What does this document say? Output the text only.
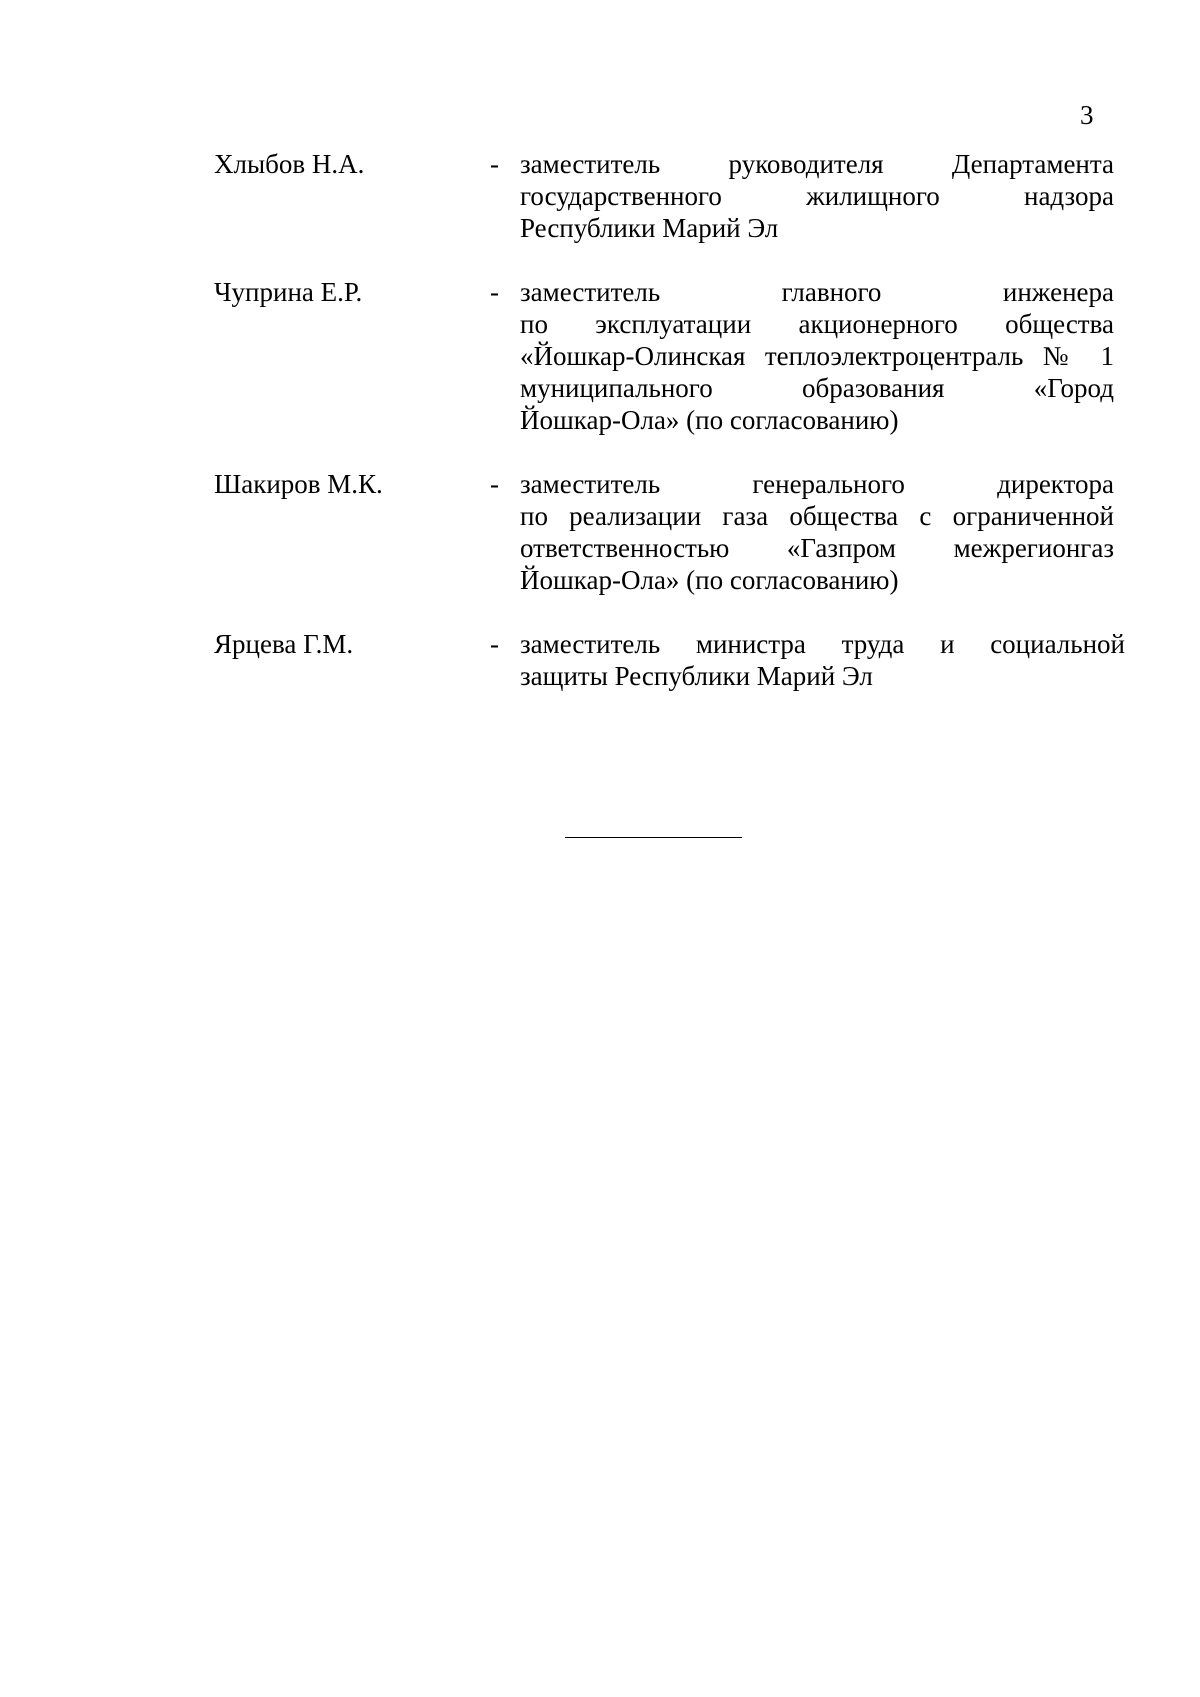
3
Хлыбов Н.А.	- заместитель руководителя Департамента
государственного жилищного надзора
Республики Марий Эл
Чуприна Е.Р.	- заместитель главного инженера
по эксплуатации акционерного общества
«Йошкар-Олинская теплоэлектроцентраль № 1
муниципального образования «Город
Йошкар-Ола» (по согласованию)
Шакиров М.К.	- заместитель генерального директора
по реализации газа общества с ограниченной
ответственностью «Газпром межрегионгаз
Йошкар-Ола» (по согласованию)
Ярцева Г.М.	- заместитель министра труда и социальной
защиты Республики Марий Эл
